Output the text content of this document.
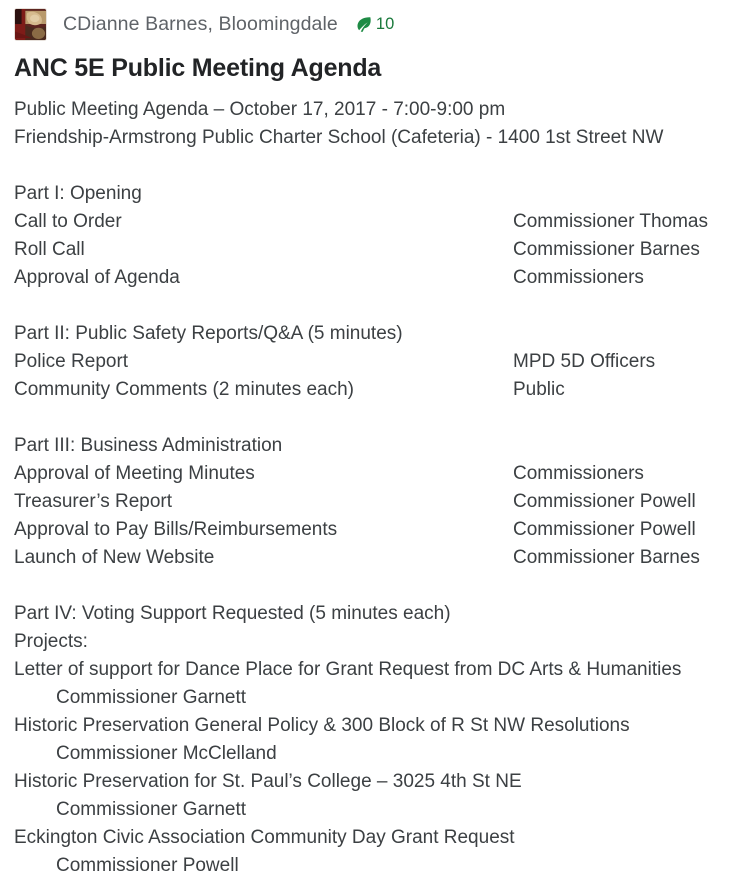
CDianne Barnes, Bloomingdale 10
ANC 5E Public Meeting Agenda
Public Meeting Agenda – October 17, 2017 - 7:00-9:00 pm
Friendship-Armstrong Public Charter School (Cafeteria) - 1400 1st Street NW
Part I: Opening
Call to Order	Commissioner Thomas
Roll Call	Commissioner Barnes
Approval of Agenda	Commissioners
Part II: Public Safety Reports/Q&A (5 minutes)
Police Report	MPD 5D Officers
Community Comments (2 minutes each)	Public
Part III: Business Administration
Approval of Meeting Minutes	Commissioners
Treasurer’s Report	Commissioner Powell
Approval to Pay Bills/Reimbursements	Commissioner Powell
Launch of New Website	Commissioner Barnes
Part IV: Voting Support Requested (5 minutes each)
Projects:
Letter of support for Dance Place for Grant Request from DC Arts & Humanities
Commissioner Garnett
Historic Preservation General Policy & 300 Block of R St NW Resolutions
Commissioner McClelland
Historic Preservation for St. Paul’s College – 3025 4th St NE
Commissioner Garnett
Eckington Civic Association Community Day Grant Request
Commissioner Powell
